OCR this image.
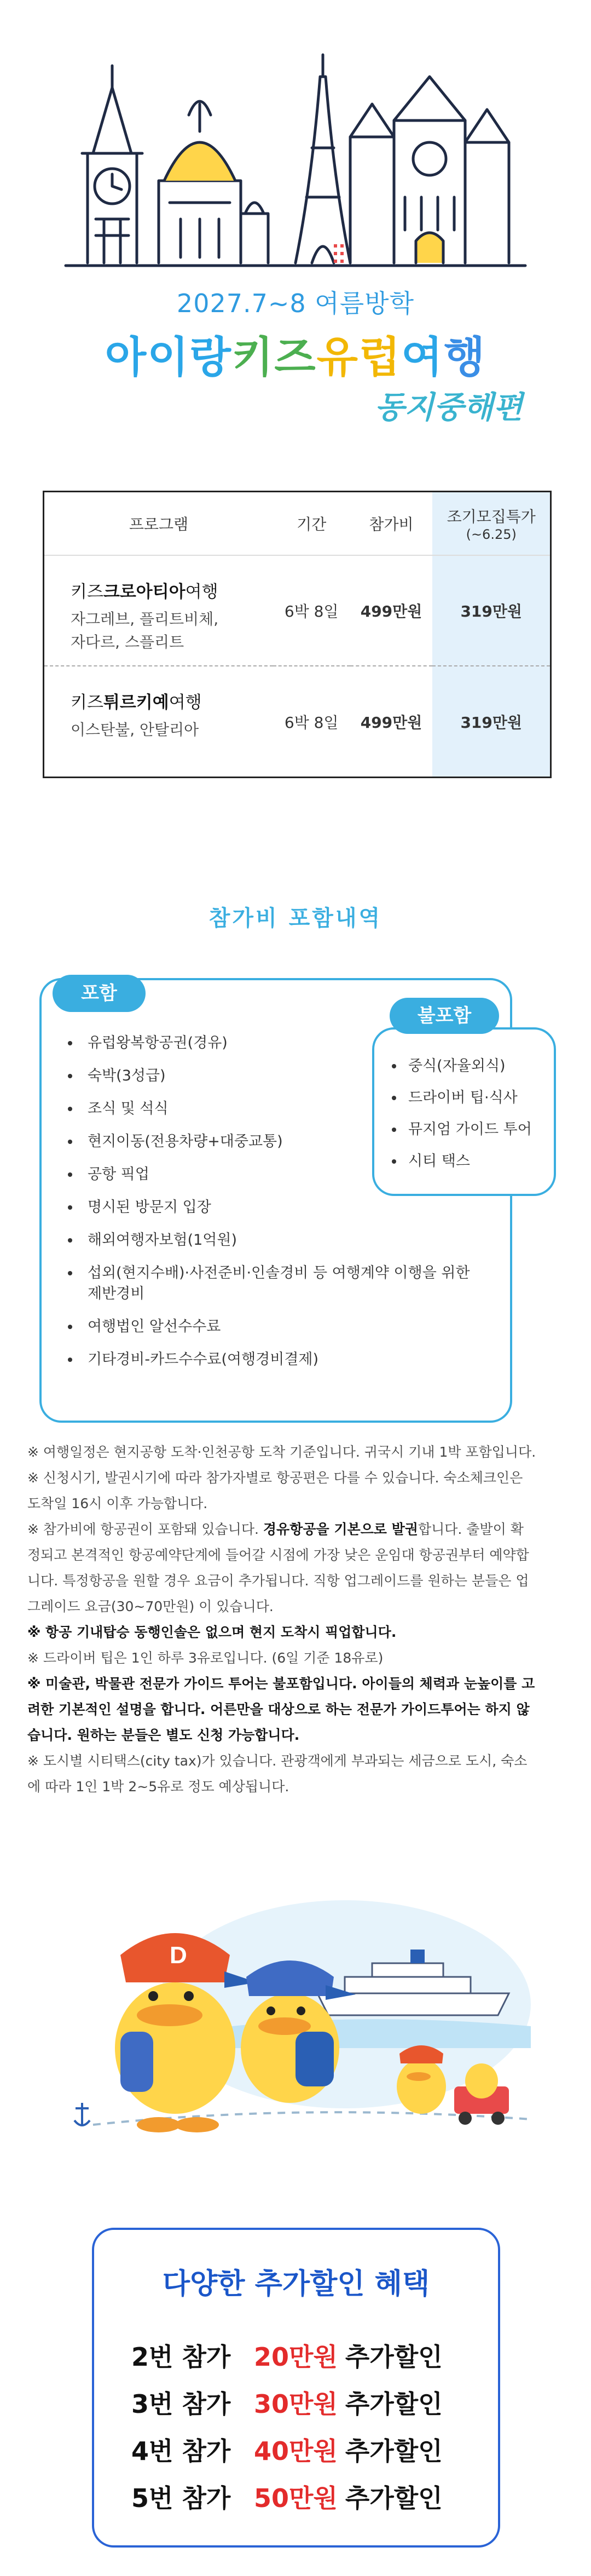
2027.7~8 여름방학
아이랑키즈유럽여행
동지중해편
프로그램	기간	참가비	조기모집특가
(~6.25)

키즈크로아티아여행
자그레브, 플리트비체,
자다르, 스플리트	6박 8일	499만원	319만원

키즈튀르키예여행
이스탄불, 안탈리아	6박 8일	499만원	319만원
참가비 포함내역
포함
유럽왕복항공권(경유)
숙박(3성급)
조식 및 석식
현지이동(전용차량+대중교통)
공항 픽업
명시된 방문지 입장
해외여행자보험(1억원)
섭외(현지수배)·사전준비·인솔경비 등 여행계약 이행을 위한 제반경비
여행법인 알선수수료
기타경비-카드수수료(여행경비결제)
불포함
중식(자율외식)
드라이버 팁·식사
뮤지엄 가이드 투어
시티 택스

※ 여행일정은 현지공항 도착·인천공항 도착 기준입니다. 귀국시 기내 1박 포함입니다.

※ 신청시기, 발권시기에 따라 참가자별로 항공편은 다를 수 있습니다. 숙소체크인은

도착일 16시 이후 가능합니다.

※ 참가비에 항공권이 포함돼 있습니다. 경유항공을 기본으로 발권합니다. 출발이 확

정되고 본격적인 항공예약단계에 들어갈 시점에 가장 낮은 운임대 항공권부터 예약합

니다. 특정항공을 원할 경우 요금이 추가됩니다. 직항 업그레이드를 원하는 분들은 업

그레이드 요금(30~70만원) 이 있습니다.

※ 항공 기내탑승 동행인솔은 없으며 현지 도착시 픽업합니다.

※ 드라이버 팁은 1인 하루 3유로입니다. (6일 기준 18유로)

※ 미술관, 박물관 전문가 가이드 투어는 불포함입니다. 아이들의 체력과 눈높이를 고

려한 기본적인 설명을 합니다. 어른만을 대상으로 하는 전문가 가이드투어는 하지 않

습니다. 원하는 분들은 별도 신청 가능합니다.

※ 도시별 시티택스(city tax)가 있습니다. 관광객에게 부과되는 세금으로 도시, 숙소

에 따라 1인 1박 2~5유로 정도 예상됩니다.

D
다양한 추가할인 혜택
2번 참가 20만원 추가할인
3번 참가 30만원 추가할인
4번 참가 40만원 추가할인
5번 참가 50만원 추가할인
